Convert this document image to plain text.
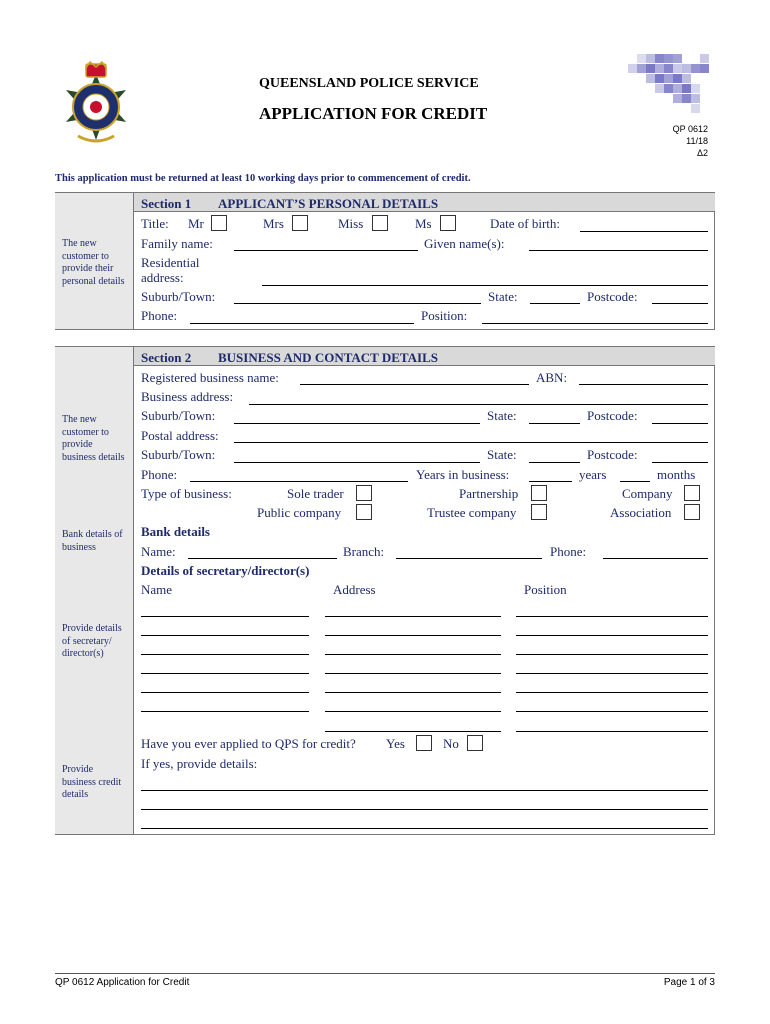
QUEENSLAND POLICE SERVICE
APPLICATION FOR CREDIT
QP 0612
11/18
Δ2
This application must be returned at least 10 working days prior to commencement of credit.
Section 1 APPLICANT’S PERSONAL DETAILS
The new customer to provide their personal details
Title: Mr	Mrs	Miss	Ms	Date of birth:
Family name:	Given name(s):
Residential
address:
Suburb/Town:	State:	Postcode:
Phone:	Position:
Section 2 BUSINESS AND CONTACT DETAILS
The new customer to provide business details
Registered business name:	ABN:
Business address:
Suburb/Town:	State:	Postcode:
Postal address:
Suburb/Town:	State:	Postcode:
Phone:	Years in business:	years	months
Type of business:	Sole trader	Partnership	Company
Public company	Trustee company	Association
Bank details of business
Bank details
Name:	Branch:	Phone:
Details of secretary/director(s)
Name	Address	Position
Provide details of secretary/ director(s)
Have you ever applied to QPS for credit? Yes	No
If yes, provide details:
Provide business credit details
QP 0612 Application for Credit	Page 1 of 3
